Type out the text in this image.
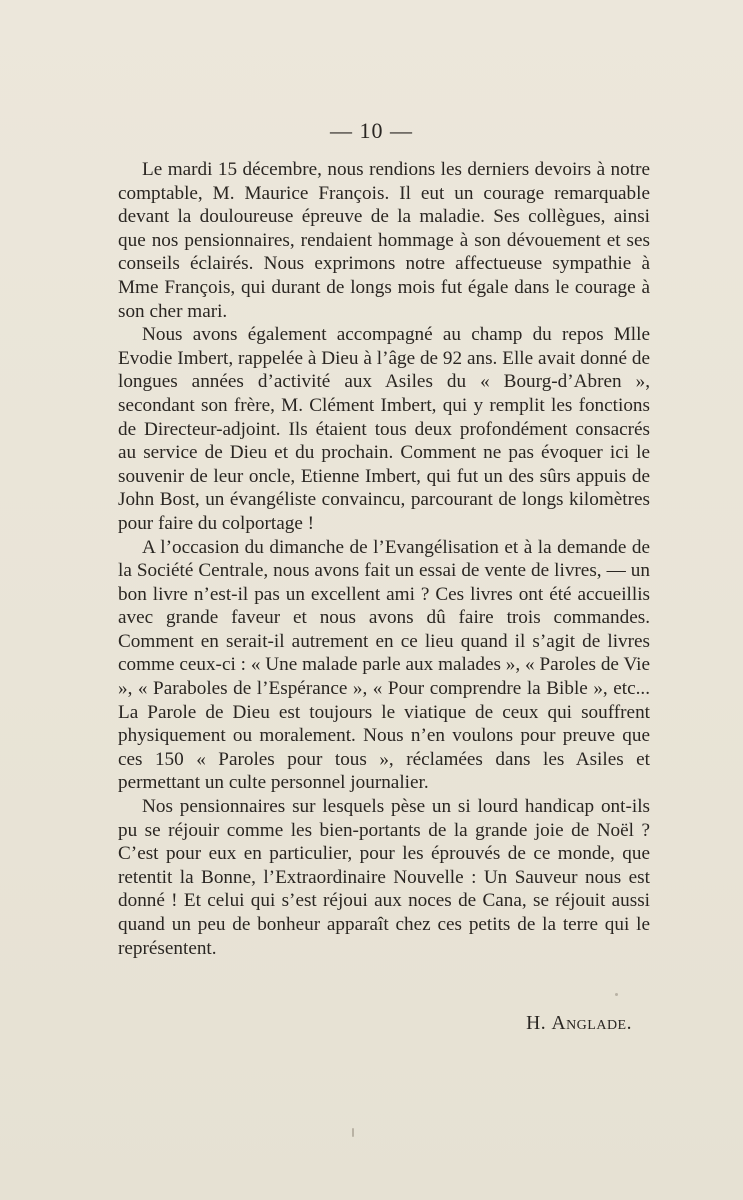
— 10 —

Le mardi 15 décembre, nous rendions les derniers devoirs à notre comptable, M. Maurice François. Il eut un courage remarquable devant la douloureuse épreuve de la maladie. Ses collègues, ainsi que nos pensionnaires, rendaient hommage à son dévouement et ses conseils éclairés. Nous exprimons notre affectueuse sympathie à Mme François, qui durant de longs mois fut égale dans le courage à son cher mari.

Nous avons également accompagné au champ du repos Mlle Evodie Imbert, rappelée à Dieu à l’âge de 92 ans. Elle avait donné de longues années d’activité aux Asiles du « Bourg-d’Abren », secondant son frère, M. Clément Imbert, qui y remplit les fonctions de Directeur-adjoint. Ils étaient tous deux profondément consacrés au service de Dieu et du prochain. Comment ne pas évoquer ici le souvenir de leur oncle, Etienne Imbert, qui fut un des sûrs appuis de John Bost, un évangéliste convaincu, parcourant de longs kilomètres pour faire du colportage !

A l’occasion du dimanche de l’Evangélisation et à la demande de la Société Centrale, nous avons fait un essai de vente de livres, — un bon livre n’est-il pas un excellent ami ? Ces livres ont été accueillis avec grande faveur et nous avons dû faire trois commandes. Comment en serait-il autrement en ce lieu quand il s’agit de livres comme ceux-ci : « Une malade parle aux malades », « Paroles de Vie », « Paraboles de l’Espérance », « Pour comprendre la Bible », etc... La Parole de Dieu est toujours le viatique de ceux qui souffrent physiquement ou moralement. Nous n’en voulons pour preuve que ces 150 « Paroles pour tous », réclamées dans les Asiles et permettant un culte personnel journalier.

Nos pensionnaires sur lesquels pèse un si lourd handicap ont-ils pu se réjouir comme les bien-portants de la grande joie de Noël ? C’est pour eux en particulier, pour les éprouvés de ce monde, que retentit la Bonne, l’Extraordinaire Nouvelle : Un Sauveur nous est donné ! Et celui qui s’est réjoui aux noces de Cana, se réjouit aussi quand un peu de bonheur apparaît chez ces petits de la terre qui le représentent.

H. Anglade.
